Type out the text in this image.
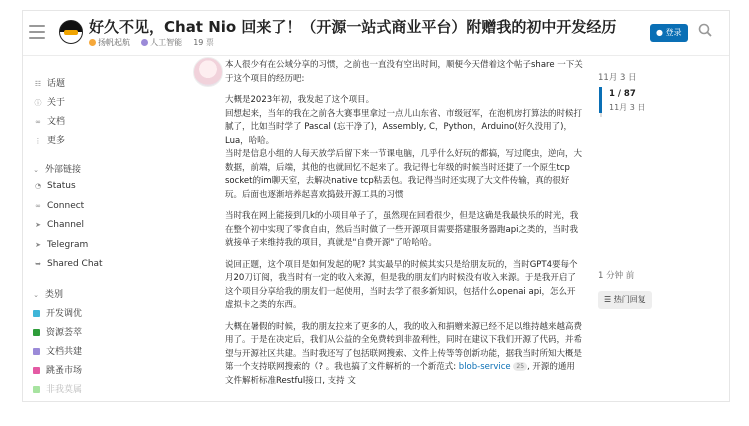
好久不见，Chat Nio 回来了！（开源一站式商业平台）附赠我的初中开发经历
扬帆起航	人工智能 19 票
● 登录
☷ 话题
ⓘ 关于
∞ 文档
⋮ 更多
⌄ 外部链接
◔ Status
∞ Connect
➤ Channel
➤ Telegram
➥ Shared Chat
⌄ 类别
开发调优
资源荟萃
文档共建
跳蚤市场
非我莫属

本人很少有在公域分享的习惯，之前也一直没有空出时间，顺便今天借着这个帖子share 一下关于这个项目的经历吧:

大概是2023年初，我发起了这个项目。
回想起来，当年的我在之前各大赛事里拿过一点儿山东省、市级冠军，在泡机房打算法的时候打腻了，比如当时学了 Pascal (忘干净了)，Assembly, C，Python，Arduino(好久没用了)，Lua，哈哈。
当时是信息小组的人每天放学后留下来一节课电脑，几乎什么好玩的都搞，写过爬虫，逆向，大数据，前端，后端，其他的也就回忆不起来了。我记得七年级的时候当时还捷了一个原生tcp socket的im聊天室，去解决native tcp粘丢包。我记得当时还实现了大文件传输，真的很好玩。后面也逐渐培养起喜欢捣鼓开源工具的习惯

当时我在网上能接到几k的小项目单子了，虽然现在回看很少，但是这确是我最快乐的时光，我在整个初中实现了零食自由，然后当时做了一些开源项目需要搭建服务器跑api之类的，当时我就接单子来维持我的项目，真就是"自费开源"了哈哈哈。

说回正题，这个项目是如何发起的呢? 其实最早的时候其实只是给朋友玩的，当时GPT4要每个月20刀订阅，我当时有一定的收入来源，但是我的朋友们内时候没有收入来源。于是我开启了这个项目分享给我的朋友们一起使用，当时去学了很多新知识，包括什么openai api，怎么开虚拟卡之类的东西。

大概在暑假的时候，我的朋友拉来了更多的人，我的收入和捐赠来源已经不足以维持越来越高费用了。于是在决定后，我们从公益的全免费转到非盈利性，同时在建议下我们开源了代码，并希望与开源社区共建。当时我还写了包括联网搜索、文件上传等等创新功能，据我当时所知大概是第一个支持联网搜索的（? 。我也搞了文件解析的一个新范式: blob-service 25 , 开源的通用文件解析标准Restful接口, 支持 文

11月 3 日
1 / 87
11月 3 日
1 分钟 前
☰ 热门回复
